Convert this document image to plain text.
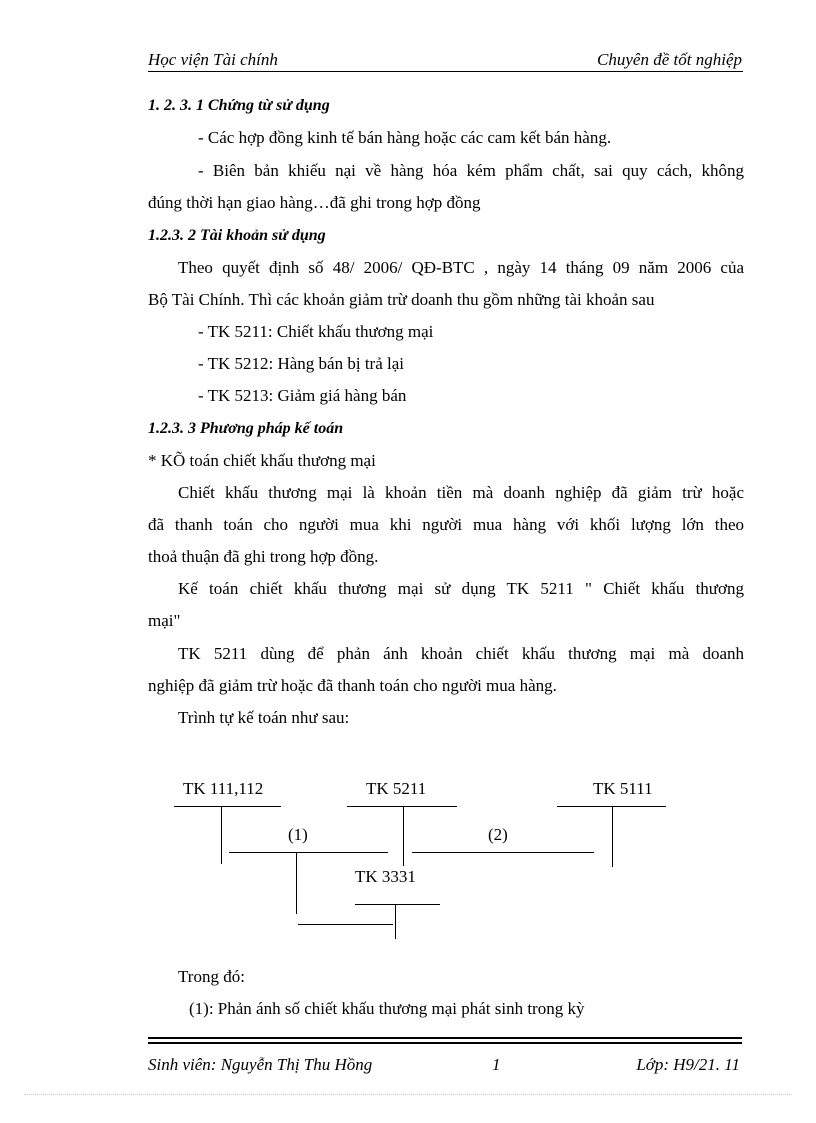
Học viện Tài chính	Chuyên đề tốt nghiệp
1. 2. 3. 1 Chứng từ sử dụng
- Các hợp đồng kinh tế bán hàng hoặc các cam kết bán hàng.
- Biên bản khiếu nại về hàng hóa kém phẩm chất, sai quy cách, không
đúng thời hạn giao hàng…đã ghi trong hợp đồng
1.2.3. 2 Tài khoản sử dụng
Theo quyết định số 48/ 2006/ QĐ-BTC , ngày 14 tháng 09 năm 2006 của
Bộ Tài Chính. Thì các khoản giảm trừ doanh thu gồm những tài khoản sau
- TK 5211: Chiết khấu thương mại
- TK 5212: Hàng bán bị trả lại
- TK 5213: Giảm giá hàng bán
1.2.3. 3 Phương pháp kế toán
* KÕ toán chiết khấu thương mại
Chiết khấu thương mại là khoản tiền mà doanh nghiệp đã giảm trừ hoặc
đã thanh toán cho người mua khi người mua hàng với khối lượng lớn theo
thoả thuận đã ghi trong hợp đồng.
Kế toán chiết khấu thương mại sử dụng TK 5211 " Chiết khấu thương
mại"
TK 5211 dùng để phản ánh khoản chiết khấu thương mại mà doanh
nghiệp đã giảm trừ hoặc đã thanh toán cho người mua hàng.
Trình tự kế toán như sau:
TK 111,112	TK 5211	TK 5111
TK 3331
(1)	(2)
Trong đó:
(1): Phản ánh số chiết khấu thương mại phát sinh trong kỳ
Sinh viên: Nguyễn Thị Thu Hồng	1	Lớp: H9/21. 11
